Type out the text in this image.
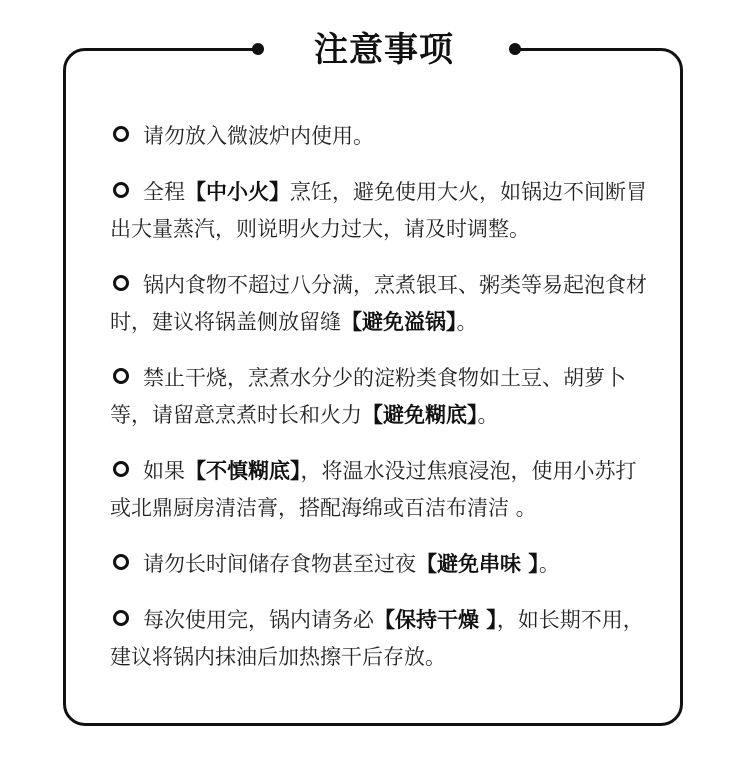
注意事项
请勿放入微波炉内使用。
全程【中小火】烹饪，避免使用大火，如锅边不间断冒出大量蒸汽，则说明火力过大，请及时调整。
锅内食物不超过八分满，烹煮银耳、粥类等易起泡食材时，建议将锅盖侧放留缝【避免溢锅】。
禁止干烧，烹煮水分少的淀粉类食物如土豆、胡萝卜等，请留意烹煮时长和火力【避免糊底】。
如果【不慎糊底】，将温水没过焦痕浸泡，使用小苏打或北鼎厨房清洁膏，搭配海绵或百洁布清洁 。
请勿长时间储存食物甚至过夜【避免串味 】。
每次使用完，锅内请务必【保持干燥 】，如长期不用，建议将锅内抹油后加热擦干后存放。
